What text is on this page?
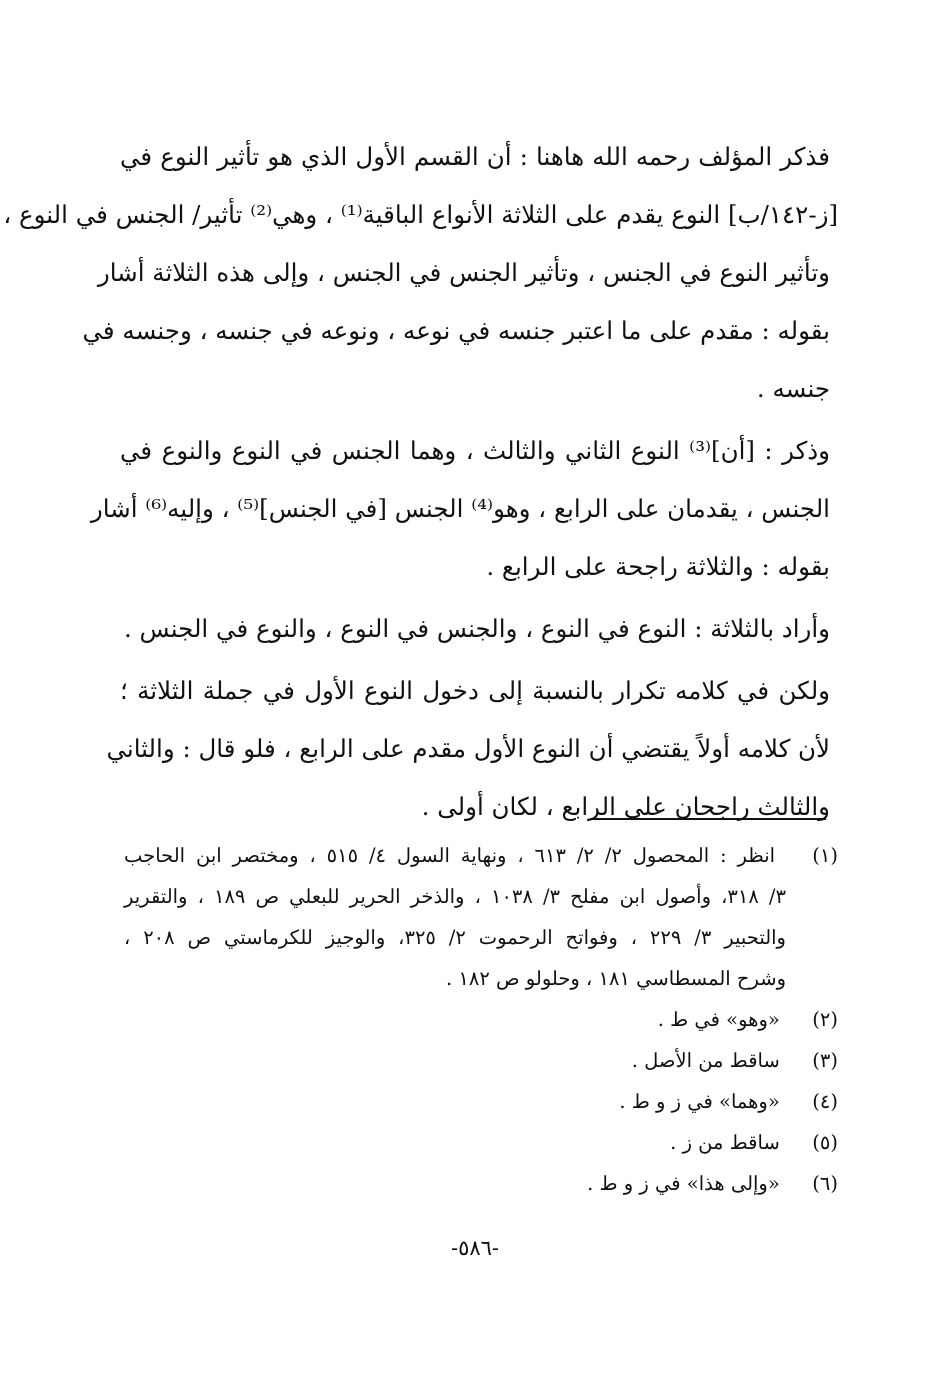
فذكر المؤلف رحمه الله هاهنا : أن القسم الأول الذي هو تأثير النوع في
[ز-١٤٢/ب] النوع يقدم على الثلاثة الأنواع الباقية⁽¹⁾ ، وهي⁽²⁾ تأثير/ الجنس في النوع ،
وتأثير النوع في الجنس ، وتأثير الجنس في الجنس ، وإلى هذه الثلاثة أشار
بقوله : مقدم على ما اعتبر جنسه في نوعه ، ونوعه في جنسه ، وجنسه في
جنسه .
وذكر : [أن]⁽³⁾ النوع الثاني والثالث ، وهما الجنس في النوع والنوع في
الجنس ، يقدمان على الرابع ، وهو⁽⁴⁾ الجنس [في الجنس]⁽⁵⁾ ، وإليه⁽⁶⁾ أشار
بقوله : والثلاثة راجحة على الرابع .
وأراد بالثلاثة : النوع في النوع ، والجنس في النوع ، والنوع في الجنس .
ولكن في كلامه تكرار بالنسبة إلى دخول النوع الأول في جملة الثلاثة ؛
لأن كلامه أولاً يقتضي أن النوع الأول مقدم على الرابع ، فلو قال : والثاني
والثالث راجحان على الرابع ، لكان أولى .
(١) انظر : المحصول ٢/ ٢/ ٦١٣ ، ونهاية السول ٤/ ٥١٥ ، ومختصر ابن الحاجب
٣/ ٣١٨، وأصول ابن مفلح ٣/ ١٠٣٨ ، والذخر الحرير للبعلي ص ١٨٩ ، والتقرير
والتحبير ٣/ ٢٢٩ ، وفواتح الرحموت ٢/ ٣٢٥، والوجيز للكرماستي ص ٢٠٨ ،
وشرح المسطاسي ١٨١ ، وحلولو ص ١٨٢ .
(٢) «وهو» في ط .
(٣) ساقط من الأصل .
(٤) «وهما» في ز و ط .
(٥) ساقط من ز .
(٦) «وإلى هذا» في ز و ط .
-٥٨٦-
